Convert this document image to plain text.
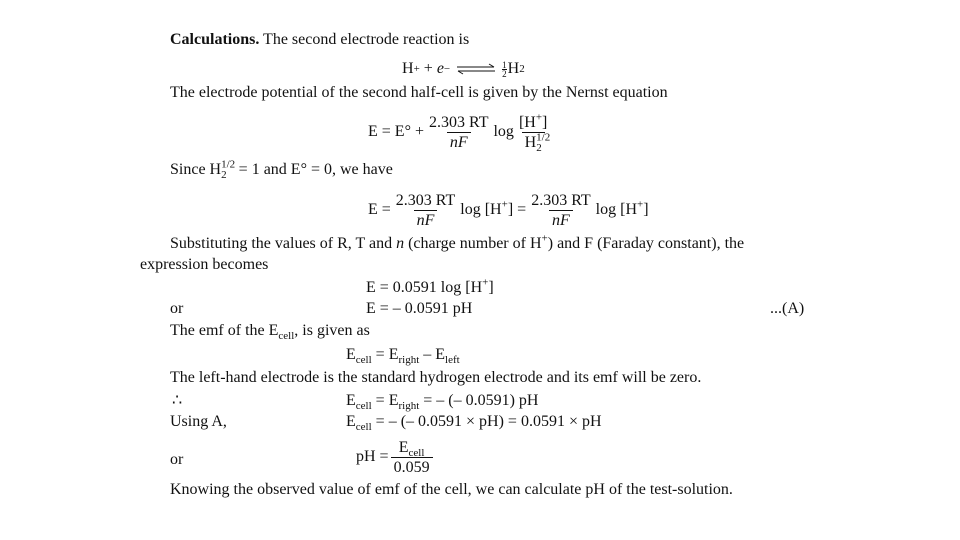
Calculations. The second electrode reaction is
H + + e − ⇌ 1
2 H 2
The electrode potential of the second half-cell is given by the Nernst equation
$E = E^\circ + \frac{2.303 RT}{nF}$ $\log \frac{[H^+]}{H^{1/2}_2}$
Since $H^{1/2}_2 = 1$ and E° = 0, we have
$E = \frac{2.303 RT}{nF}$ $\log [H^+] = \frac{2.303 RT}{nF}$ log [H+]
Substituting the values of R, T and n (charge number of H+) and F (Faraday constant), the
expression becomes
E = 0.0591 log [H+]
or	E = – 0.0591 pH	...(A)
The emf of the $E_{cell}$, is given as
$E_{cell} = E_{right} - E_{left}$
The left-hand electrode is the standard hydrogen electrode and its emf will be zero.
∴	$E_{cell} = E_{right}$ = – (– 0.0591) pH
Using A,	$E_{cell}$ = – (– 0.0591 × pH) = 0.0591 × pH
or	pH = $\frac{E_{cell}}{0.059}$
Knowing the observed value of emf of the cell, we can calculate pH of the test-solution.
